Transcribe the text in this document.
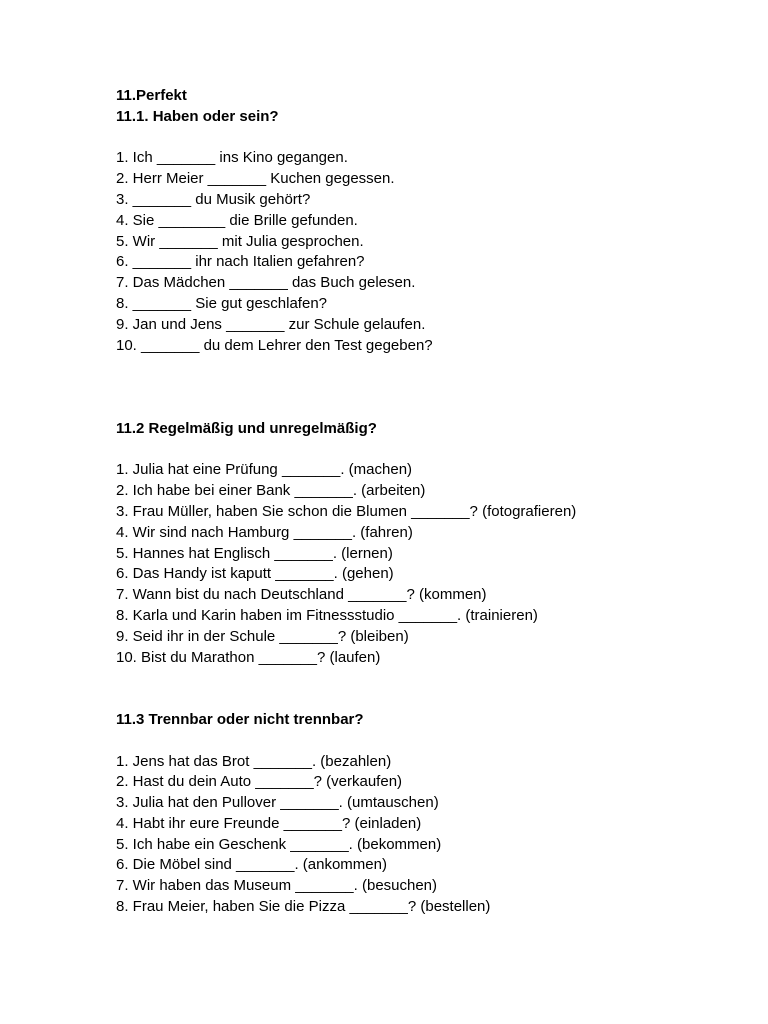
11.Perfekt
11.1. Haben oder sein?
1. Ich _______ ins Kino gegangen.
2. Herr Meier _______ Kuchen gegessen.
3. _______ du Musik gehört?
4. Sie ________ die Brille gefunden.
5. Wir _______ mit Julia gesprochen.
6. _______ ihr nach Italien gefahren?
7. Das Mädchen _______ das Buch gelesen.
8. _______ Sie gut geschlafen?
9. Jan und Jens _______ zur Schule gelaufen.
10. _______ du dem Lehrer den Test gegeben?
11.2 Regelmäßig und unregelmäßig?
1. Julia hat eine Prüfung _______. (machen)
2. Ich habe bei einer Bank _______. (arbeiten)
3. Frau Müller, haben Sie schon die Blumen _______? (fotografieren)
4. Wir sind nach Hamburg _______. (fahren)
5. Hannes hat Englisch _______. (lernen)
6. Das Handy ist kaputt _______. (gehen)
7. Wann bist du nach Deutschland _______? (kommen)
8. Karla und Karin haben im Fitnessstudio _______. (trainieren)
9. Seid ihr in der Schule _______? (bleiben)
10. Bist du Marathon _______? (laufen)
11.3 Trennbar oder nicht trennbar?
1. Jens hat das Brot _______. (bezahlen)
2. Hast du dein Auto _______? (verkaufen)
3. Julia hat den Pullover _______. (umtauschen)
4. Habt ihr eure Freunde _______? (einladen)
5. Ich habe ein Geschenk _______. (bekommen)
6. Die Möbel sind _______. (ankommen)
7. Wir haben das Museum _______. (besuchen)
8. Frau Meier, haben Sie die Pizza _______? (bestellen)
